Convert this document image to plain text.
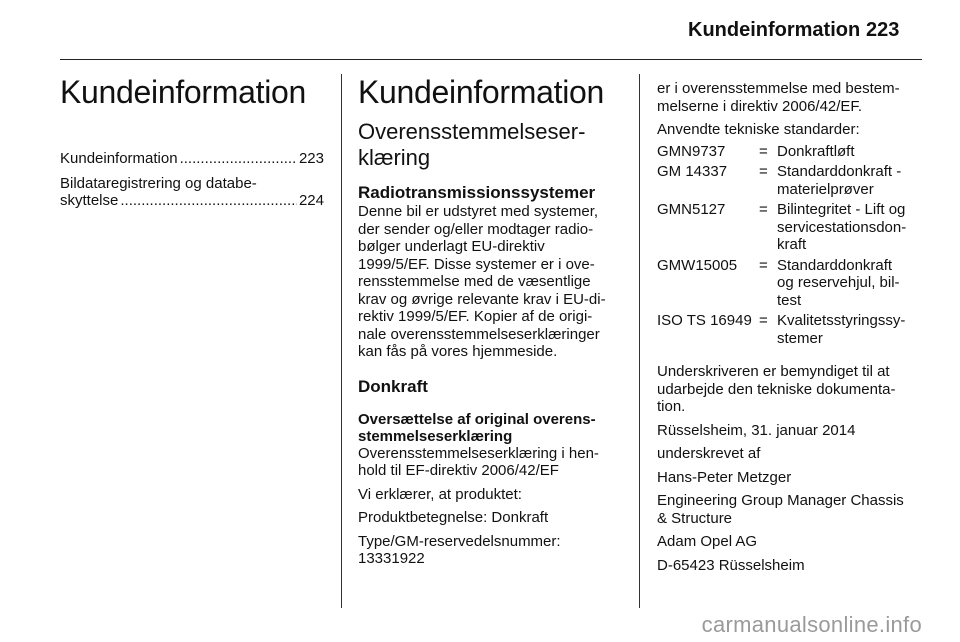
Kundeinformation 223
Kundeinformation
Kundeinformation .....	223
Bildataregistrering og databe-
skyttelse .....	224
Kundeinformation
Overensstemmelseser-
klæring
Radiotransmissionssystemer

Denne bil er udstyret med systemer,
der sender og/eller modtager radio-
bølger underlagt EU-direktiv
1999/5/EF. Disse systemer er i ove-
rensstemmelse med de væsentlige
krav og øvrige relevante krav i EU-di-
rektiv 1999/5/EF. Kopier af de origi-
nale overensstemmelseserklæringer
kan fås på vores hjemmeside.

Donkraft
Oversættelse af original overens-
stemmelseserklæring

Overensstemmelseserklæring i hen-
hold til EF-direktiv 2006/42/EF

Vi erklærer, at produktet:

Produktbetegnelse: Donkraft

Type/GM-reservedelsnummer:
13331922

er i overensstemmelse med bestem-
melserne i direktiv 2006/42/EF.

Anvendte tekniske standarder:

GMN9737	= Donkraftløft
GM 14337	= Standarddonkraft -
materielprøver
GMN5127	= Bilintegritet - Lift og
servicestationsdon-
kraft
GMW15005	= Standarddonkraft
og reservehjul, bil-
test
ISO TS 16949 = Kvalitetsstyringssy-
stemer

Underskriveren er bemyndiget til at
udarbejde den tekniske dokumenta-
tion.

Rüsselsheim, 31. januar 2014

underskrevet af

Hans-Peter Metzger

Engineering Group Manager Chassis
& Structure

Adam Opel AG

D-65423 Rüsselsheim

carmanualsonline.info
